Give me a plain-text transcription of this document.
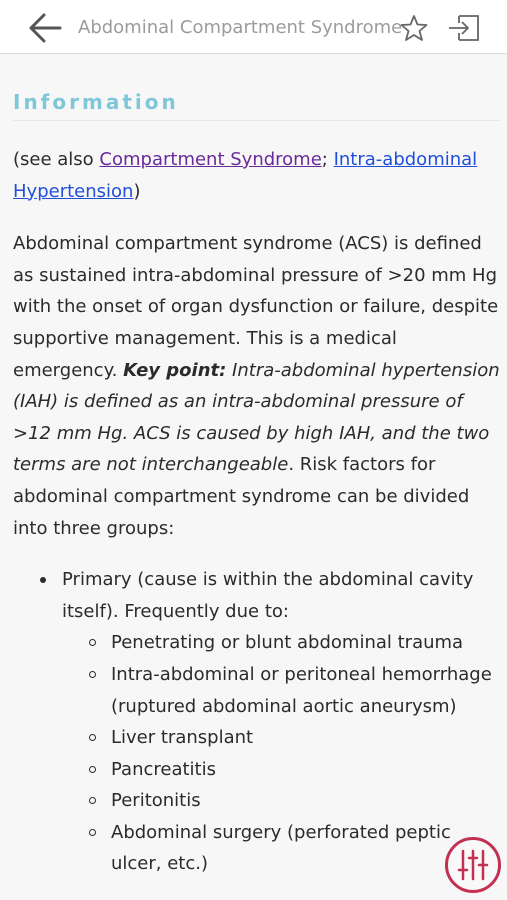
Abdominal Compartment Syndrome
Information

(see also Compartment Syndrome; Intra-abdominal Hypertension)

Abdominal compartment syndrome (ACS) is defined as sustained intra-abdominal pressure of >20 mm Hg with the onset of organ dysfunction or failure, despite supportive management. This is a medical emergency. Key point: Intra-abdominal hypertension (IAH) is defined as an intra-abdominal pressure of >12 mm Hg. ACS is caused by high IAH, and the two terms are not interchangeable. Risk factors for abdominal compartment syndrome can be divided into three groups:

Primary (cause is within the abdominal cavity itself). Frequently due to:
Penetrating or blunt abdominal trauma
Intra-abdominal or peritoneal hemorrhage (ruptured abdominal aortic aneurysm)
Liver transplant
Pancreatitis
Peritonitis
Abdominal surgery (perforated peptic ulcer, etc.)
